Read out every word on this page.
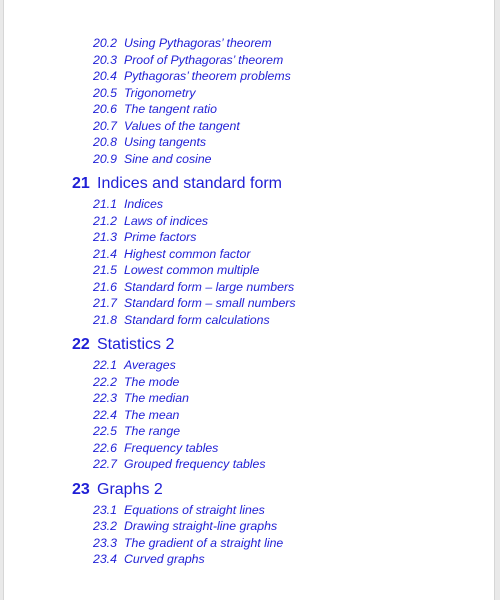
20.2 Using Pythagoras’ theorem
20.3 Proof of Pythagoras’ theorem
20.4 Pythagoras’ theorem problems
20.5 Trigonometry
20.6 The tangent ratio
20.7 Values of the tangent
20.8 Using tangents
20.9 Sine and cosine
21 Indices and standard form
21.1 Indices
21.2 Laws of indices
21.3 Prime factors
21.4 Highest common factor
21.5 Lowest common multiple
21.6 Standard form – large numbers
21.7 Standard form – small numbers
21.8 Standard form calculations
22 Statistics 2
22.1 Averages
22.2 The mode
22.3 The median
22.4 The mean
22.5 The range
22.6 Frequency tables
22.7 Grouped frequency tables
23 Graphs 2
23.1 Equations of straight lines
23.2 Drawing straight-line graphs
23.3 The gradient of a straight line
23.4 Curved graphs
